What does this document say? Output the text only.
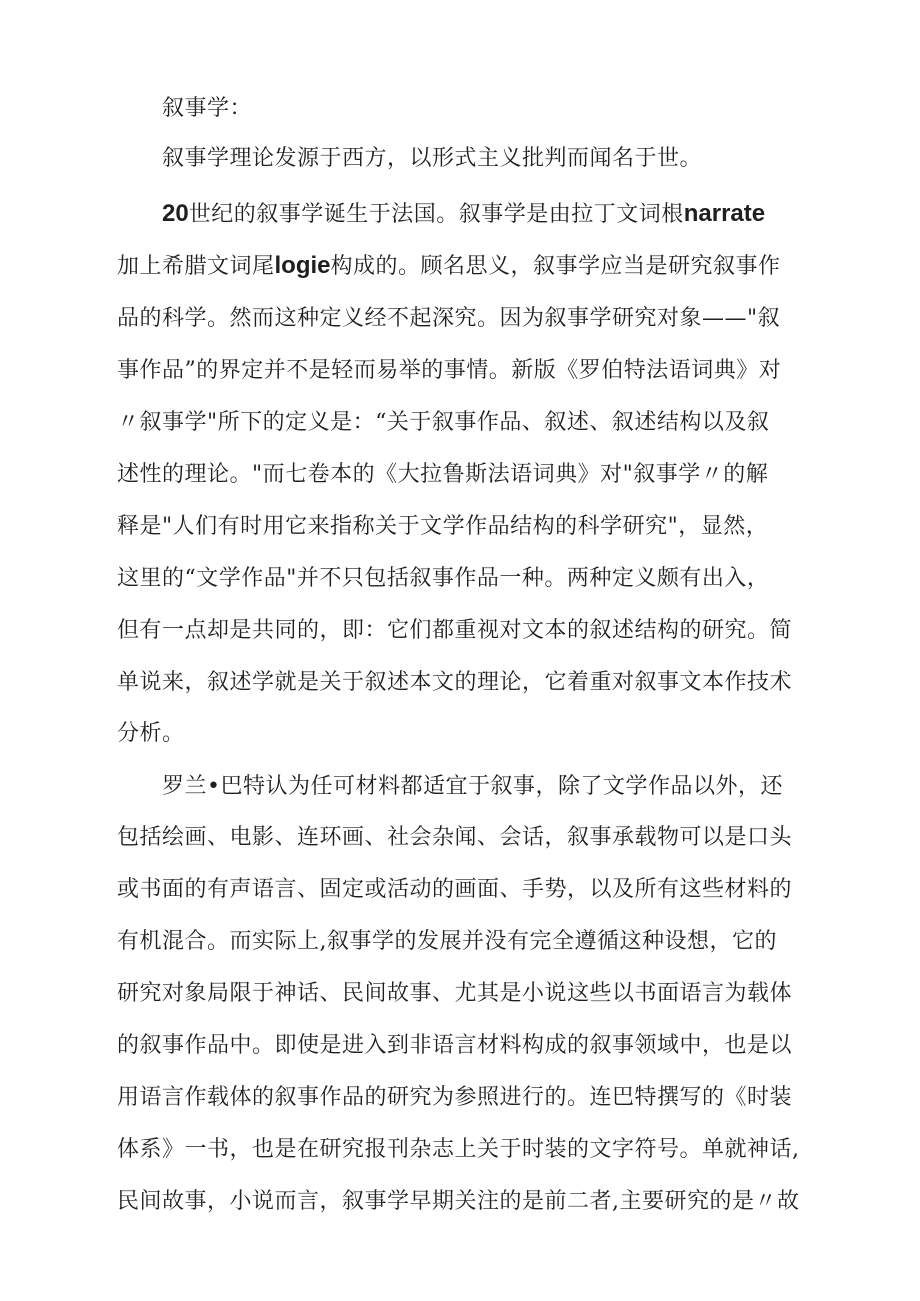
叙事学：
叙事学理论发源于西方，以形式主义批判而闻名于世。
20世纪的叙事学诞生于法国。叙事学是由拉丁文词根narrate
加上希腊文词尾logie构成的。顾名思义，叙事学应当是研究叙事作
品的科学。然而这种定义经不起深究。因为叙事学研究对象——"叙
事作品”的界定并不是轻而易举的事情。新版《罗伯特法语词典》对
〃叙事学"所下的定义是：“关于叙事作品、叙述、叙述结构以及叙
述性的理论。"而七卷本的《大拉鲁斯法语词典》对"叙事学〃的解
释是"人们有时用它来指称关于文学作品结构的科学研究"，显然，
这里的“文学作品"并不只包括叙事作品一种。两种定义颇有出入，
但有一点却是共同的，即：它们都重视对文本的叙述结构的研究。简
单说来，叙述学就是关于叙述本文的理论，它着重对叙事文本作技术
分析。
罗兰•巴特认为任可材料都适宜于叙事，除了文学作品以外，还
包括绘画、电影、连环画、社会杂闻、会话，叙事承载物可以是口头
或书面的有声语言、固定或活动的画面、手势，以及所有这些材料的
有机混合。而实际上,叙事学的发展并没有完全遵循这种设想，它的
研究对象局限于神话、民间故事、尤其是小说这些以书面语言为载体
的叙事作品中。即使是进入到非语言材料构成的叙事领域中，也是以
用语言作载体的叙事作品的研究为参照进行的。连巴特撰写的《时装
体系》一书，也是在研究报刊杂志上关于时装的文字符号。单就神话,
民间故事，小说而言，叙事学早期关注的是前二者,主要研究的是〃故
